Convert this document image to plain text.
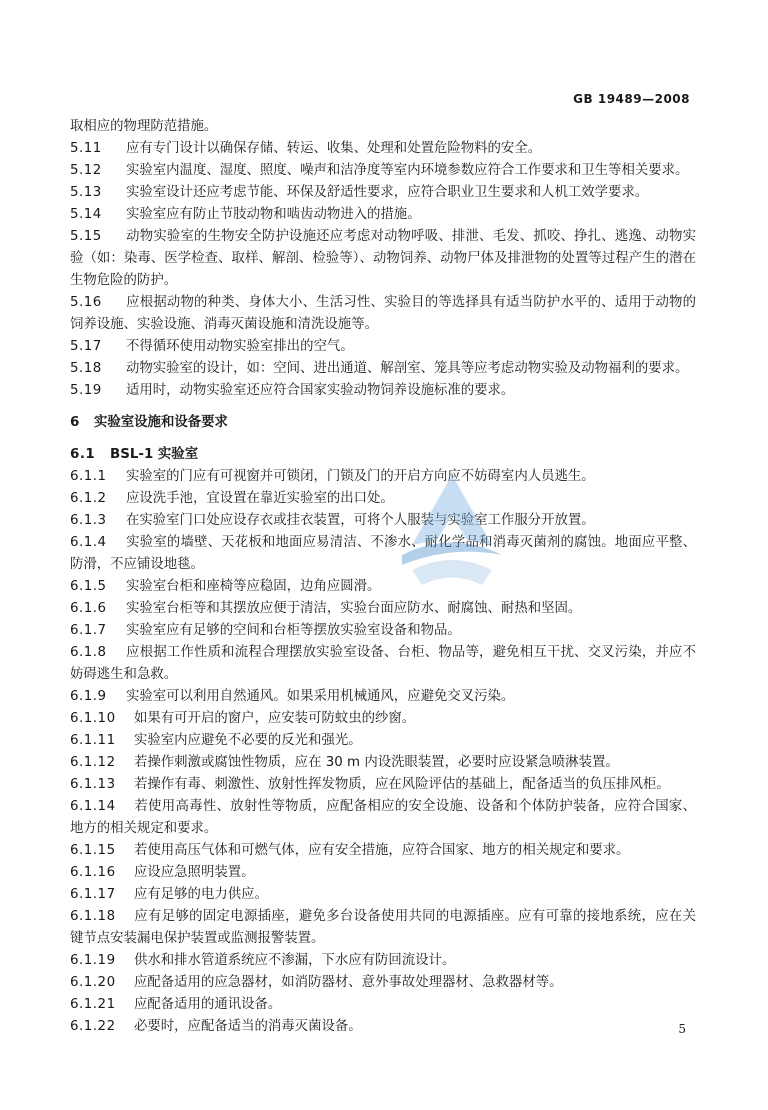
GB 19489—2008

取相应的物理防范措施。

5.11 应有专门设计以确保存储、转运、收集、处理和处置危险物料的安全。

5.12 实验室内温度、湿度、照度、噪声和洁净度等室内环境参数应符合工作要求和卫生等相关要求。

5.13 实验室设计还应考虑节能、环保及舒适性要求，应符合职业卫生要求和人机工效学要求。

5.14 实验室应有防止节肢动物和啮齿动物进入的措施。

5.15 动物实验室的生物安全防护设施还应考虑对动物呼吸、排泄、毛发、抓咬、挣扎、逃逸、动物实验（如：染毒、医学检查、取样、解剖、检验等）、动物饲养、动物尸体及排泄物的处置等过程产生的潜在生物危险的防护。

5.16 应根据动物的种类、身体大小、生活习性、实验目的等选择具有适当防护水平的、适用于动物的饲养设施、实验设施、消毒灭菌设施和清洗设施等。

5.17 不得循环使用动物实验室排出的空气。

5.18 动物实验室的设计，如：空间、进出通道、解剖室、笼具等应考虑动物实验及动物福利的要求。

5.19 适用时，动物实验室还应符合国家实验动物饲养设施标准的要求。

6 实验室设施和设备要求

6.1 BSL-1 实验室

6.1.1 实验室的门应有可视窗并可锁闭，门锁及门的开启方向应不妨碍室内人员逃生。

6.1.2 应设洗手池，宜设置在靠近实验室的出口处。

6.1.3 在实验室门口处应设存衣或挂衣装置，可将个人服装与实验室工作服分开放置。

6.1.4 实验室的墙壁、天花板和地面应易清洁、不渗水、耐化学品和消毒灭菌剂的腐蚀。地面应平整、防滑，不应铺设地毯。

6.1.5 实验室台柜和座椅等应稳固，边角应圆滑。

6.1.6 实验室台柜等和其摆放应便于清洁，实验台面应防水、耐腐蚀、耐热和坚固。

6.1.7 实验室应有足够的空间和台柜等摆放实验室设备和物品。

6.1.8 应根据工作性质和流程合理摆放实验室设备、台柜、物品等，避免相互干扰、交叉污染，并应不妨碍逃生和急救。

6.1.9 实验室可以利用自然通风。如果采用机械通风，应避免交叉污染。

6.1.10 如果有可开启的窗户，应安装可防蚊虫的纱窗。

6.1.11 实验室内应避免不必要的反光和强光。

6.1.12 若操作刺激或腐蚀性物质，应在 30 m 内设洗眼装置，必要时应设紧急喷淋装置。

6.1.13 若操作有毒、刺激性、放射性挥发物质，应在风险评估的基础上，配备适当的负压排风柜。

6.1.14 若使用高毒性、放射性等物质，应配备相应的安全设施、设备和个体防护装备，应符合国家、地方的相关规定和要求。

6.1.15 若使用高压气体和可燃气体，应有安全措施，应符合国家、地方的相关规定和要求。

6.1.16 应设应急照明装置。

6.1.17 应有足够的电力供应。

6.1.18 应有足够的固定电源插座，避免多台设备使用共同的电源插座。应有可靠的接地系统，应在关键节点安装漏电保护装置或监测报警装置。

6.1.19 供水和排水管道系统应不渗漏，下水应有防回流设计。

6.1.20 应配备适用的应急器材，如消防器材、意外事故处理器材、急救器材等。

6.1.21 应配备适用的通讯设备。

6.1.22 必要时，应配备适当的消毒灭菌设备。	5
